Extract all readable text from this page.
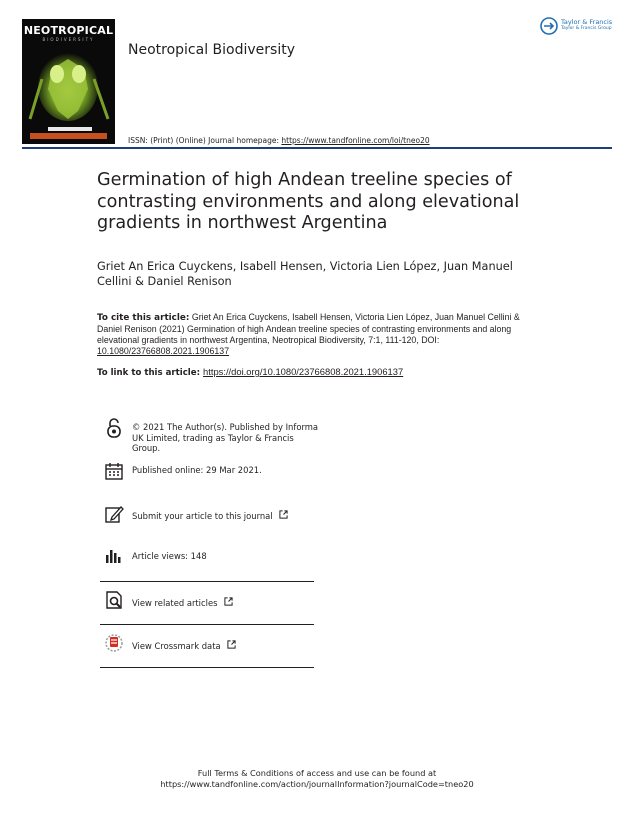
NEOTROPICAL
BIODIVERSITY
Neotropical Biodiversity
ISSN: (Print) (Online) Journal homepage: https://www.tandfonline.com/loi/tneo20
Taylor & Francis
Taylor & Francis Group
Germination of high Andean treeline species of contrasting environments and along elevational gradients in northwest Argentina
Griet An Erica Cuyckens, Isabell Hensen, Victoria Lien López, Juan Manuel Cellini & Daniel Renison
To cite this article: Griet An Erica Cuyckens, Isabell Hensen, Victoria Lien López, Juan Manuel Cellini & Daniel Renison (2021) Germination of high Andean treeline species of contrasting environments and along elevational gradients in northwest Argentina, Neotropical Biodiversity, 7:1, 111-120, DOI: 10.1080/23766808.2021.1906137
To link to this article: https://doi.org/10.1080/23766808.2021.1906137
© 2021 The Author(s). Published by Informa UK Limited, trading as Taylor & Francis Group.
Published online: 29 Mar 2021.
Submit your article to this journal
Article views: 148
View related articles
View Crossmark data
Full Terms & Conditions of access and use can be found at
https://www.tandfonline.com/action/journalInformation?journalCode=tneo20
